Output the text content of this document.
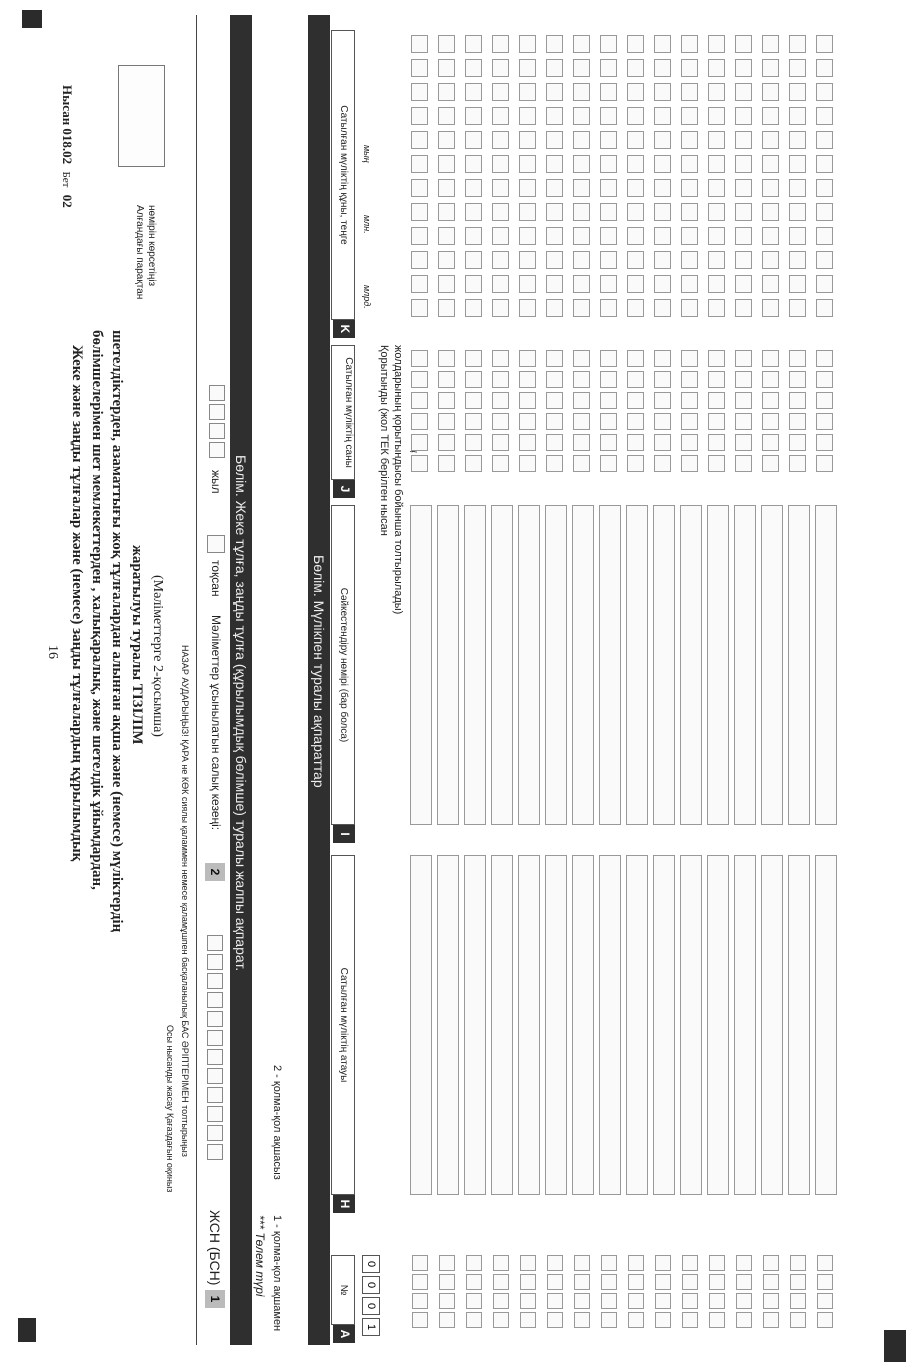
16 Жеке және заңды тұлғалар және (немесе) заңды тұлғалардың құрылымдық бөлімшелерімен шет мемлекеттерден , халықаралық, және шетелдік ұйымдардан, шетелдіктерден, азаматтығы жоқ тұлғалардан алынған ақша және (немесе) мүліктердің жаратылуы туралы ТІЗІЛІМ (Мәліметтерге 2-қосымша)
Нысан 018.02 Бет 02
Алғандағы парақтан нөмірін көрсетіңіз
Осы нысанды жасау Қағаздағын оқиныз НАЗАР АУДАРЫҢЫЗ! ҚАРА не КӨК сиялы қаламмен немесе қаламұшпен басқаланылық БАС ӘРІПТЕРІМЕН толтырыңыз	Бөлім. Жеке тұлға, заңды тұлға (құрылымдық бөлімше) туралы жалпы ақпарат.
1
ЖСН (БСН)
2
Мәліметтер ұсынылатын салық кезеңі:
тоқсан
жыл
*** Төлем түрі 1 - қолма-қол ақшамен
2 - қолма-қол ақшасыз
Бөлім. Мүлікпен туралы ақпараттар
A
№
H
Сатылған мүліктің атауы
I
Сәйкестендіру нөмірі (бар болса)
J
Сатылған мүліктің саны
K
Сатылған мүліктің құны, теңге
млрд.
млн.
мың
Қорытынды (жол ТЕК берілген нысан жолдарының қорытындысы бойынша толтырылады)
0
0
0
1
